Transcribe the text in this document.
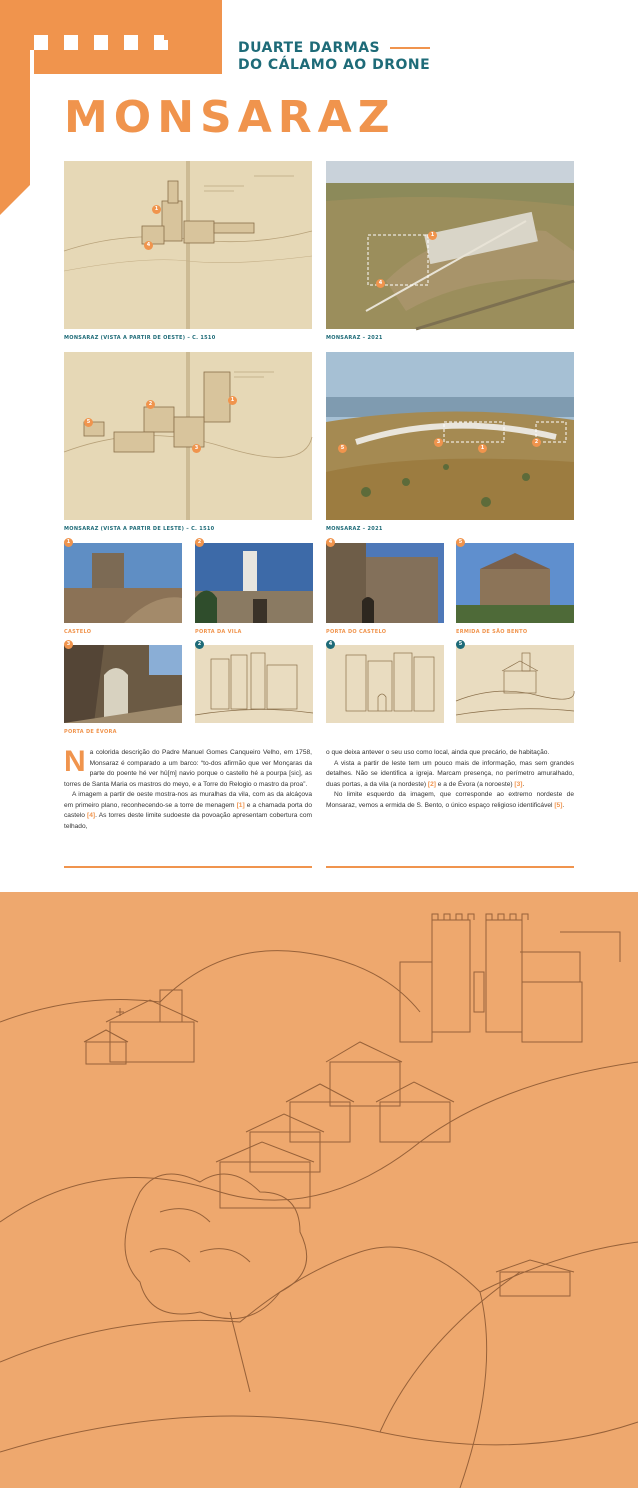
DUARTE DARMAS
DO CÁLAMO AO DRONE
MONSARAZ
1
4
MONSARAZ (VISTA A PARTIR DE OESTE) – C. 1510
1
4
MONSARAZ – 2021
5
2
1
3
MONSARAZ (VISTA A PARTIR DE LESTE) – C. 1510
5
3
1
2
MONSARAZ – 2021
1
CASTELO
2
PORTA DA VILA
4
PORTA DO CASTELO
5
ERMIDA DE SÃO BENTO
3
PORTA DE ÉVORA
2	4	5

Na colorida descrição do Padre Manuel Gomes Canqueiro Velho, em 1758, Monsaraz é comparado a um barco: “to-dos afirmão que ver Monçaras da parte do poente hé ver hû[m] navio porque o castello hé a pourpa [sic], as torres de Santa Maria os mastros do meyo, e a Torre do Relogio o mastro da proa”.

A imagem a partir de oeste mostra-nos as muralhas da vila, com as da alcáçova em primeiro plano, reconhecendo-se a torre de menagem [1] e a chamada porta do castelo [4]. As torres deste limite sudoeste da povoação apresentam cobertura com telhado,

o que deixa antever o seu uso como local, ainda que precário, de habitação.

A vista a partir de leste tem um pouco mais de informação, mas sem grandes detalhes. Não se identifica a igreja. Marcam presença, no perímetro amuralhado, duas portas, a da vila (a nordeste) [2] e a de Évora (a noroeste) [3].

No limite esquerdo da imagem, que corresponde ao extremo nordeste de Monsaraz, vemos a ermida de S. Bento, o único espaço religioso identificável [5].
